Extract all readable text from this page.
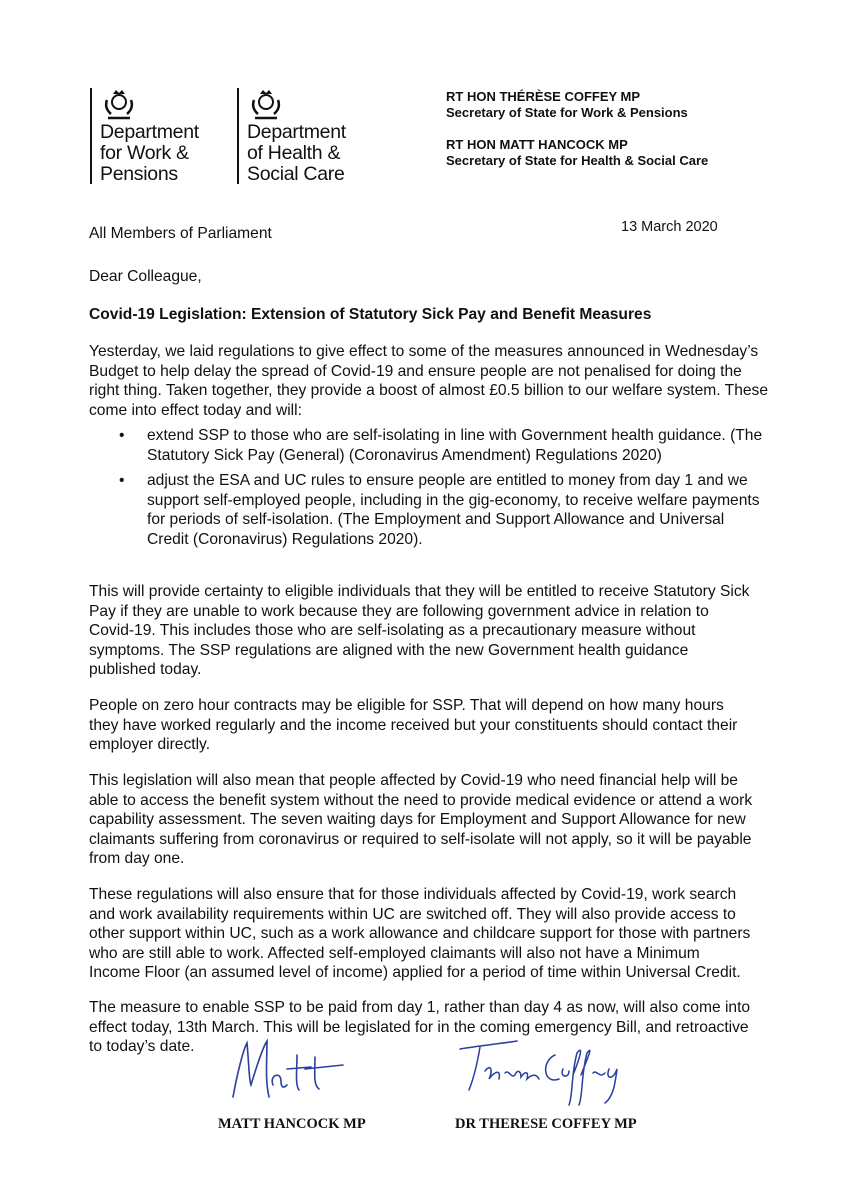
Department
for Work &
Pensions
Department
of Health &
Social Care
RT HON THÉRÈSE COFFEY MP
Secretary of State for Work & Pensions
RT HON MATT HANCOCK MP
Secretary of State for Health & Social Care
All Members of Parliament	13 March 2020
Dear Colleague,
Covid-19 Legislation: Extension of Statutory Sick Pay and Benefit Measures
Yesterday, we laid regulations to give effect to some of the measures announced in Wednesday’s
Budget to help delay the spread of Covid-19 and ensure people are not penalised for doing the
right thing. Taken together, they provide a boost of almost £0.5 billion to our welfare system. These
come into effect today and will:
• extend SSP to those who are self-isolating in line with Government health guidance. (The
Statutory Sick Pay (General) (Coronavirus Amendment) Regulations 2020)
• adjust the ESA and UC rules to ensure people are entitled to money from day 1 and we
support self-employed people, including in the gig-economy, to receive welfare payments
for periods of self-isolation. (The Employment and Support Allowance and Universal
Credit (Coronavirus) Regulations 2020).
This will provide certainty to eligible individuals that they will be entitled to receive Statutory Sick
Pay if they are unable to work because they are following government advice in relation to
Covid-19. This includes those who are self-isolating as a precautionary measure without
symptoms. The SSP regulations are aligned with the new Government health guidance
published today.
People on zero hour contracts may be eligible for SSP. That will depend on how many hours
they have worked regularly and the income received but your constituents should contact their
employer directly.
This legislation will also mean that people affected by Covid-19 who need financial help will be
able to access the benefit system without the need to provide medical evidence or attend a work
capability assessment. The seven waiting days for Employment and Support Allowance for new
claimants suffering from coronavirus or required to self-isolate will not apply, so it will be payable
from day one.
These regulations will also ensure that for those individuals affected by Covid-19, work search
and work availability requirements within UC are switched off. They will also provide access to
other support within UC, such as a work allowance and childcare support for those with partners
who are still able to work. Affected self-employed claimants will also not have a Minimum
Income Floor (an assumed level of income) applied for a period of time within Universal Credit.
The measure to enable SSP to be paid from day 1, rather than day 4 as now, will also come into
effect today, 13th March. This will be legislated for in the coming emergency Bill, and retroactive
to today’s date.
MATT HANCOCK MP	DR THERESE COFFEY MP
